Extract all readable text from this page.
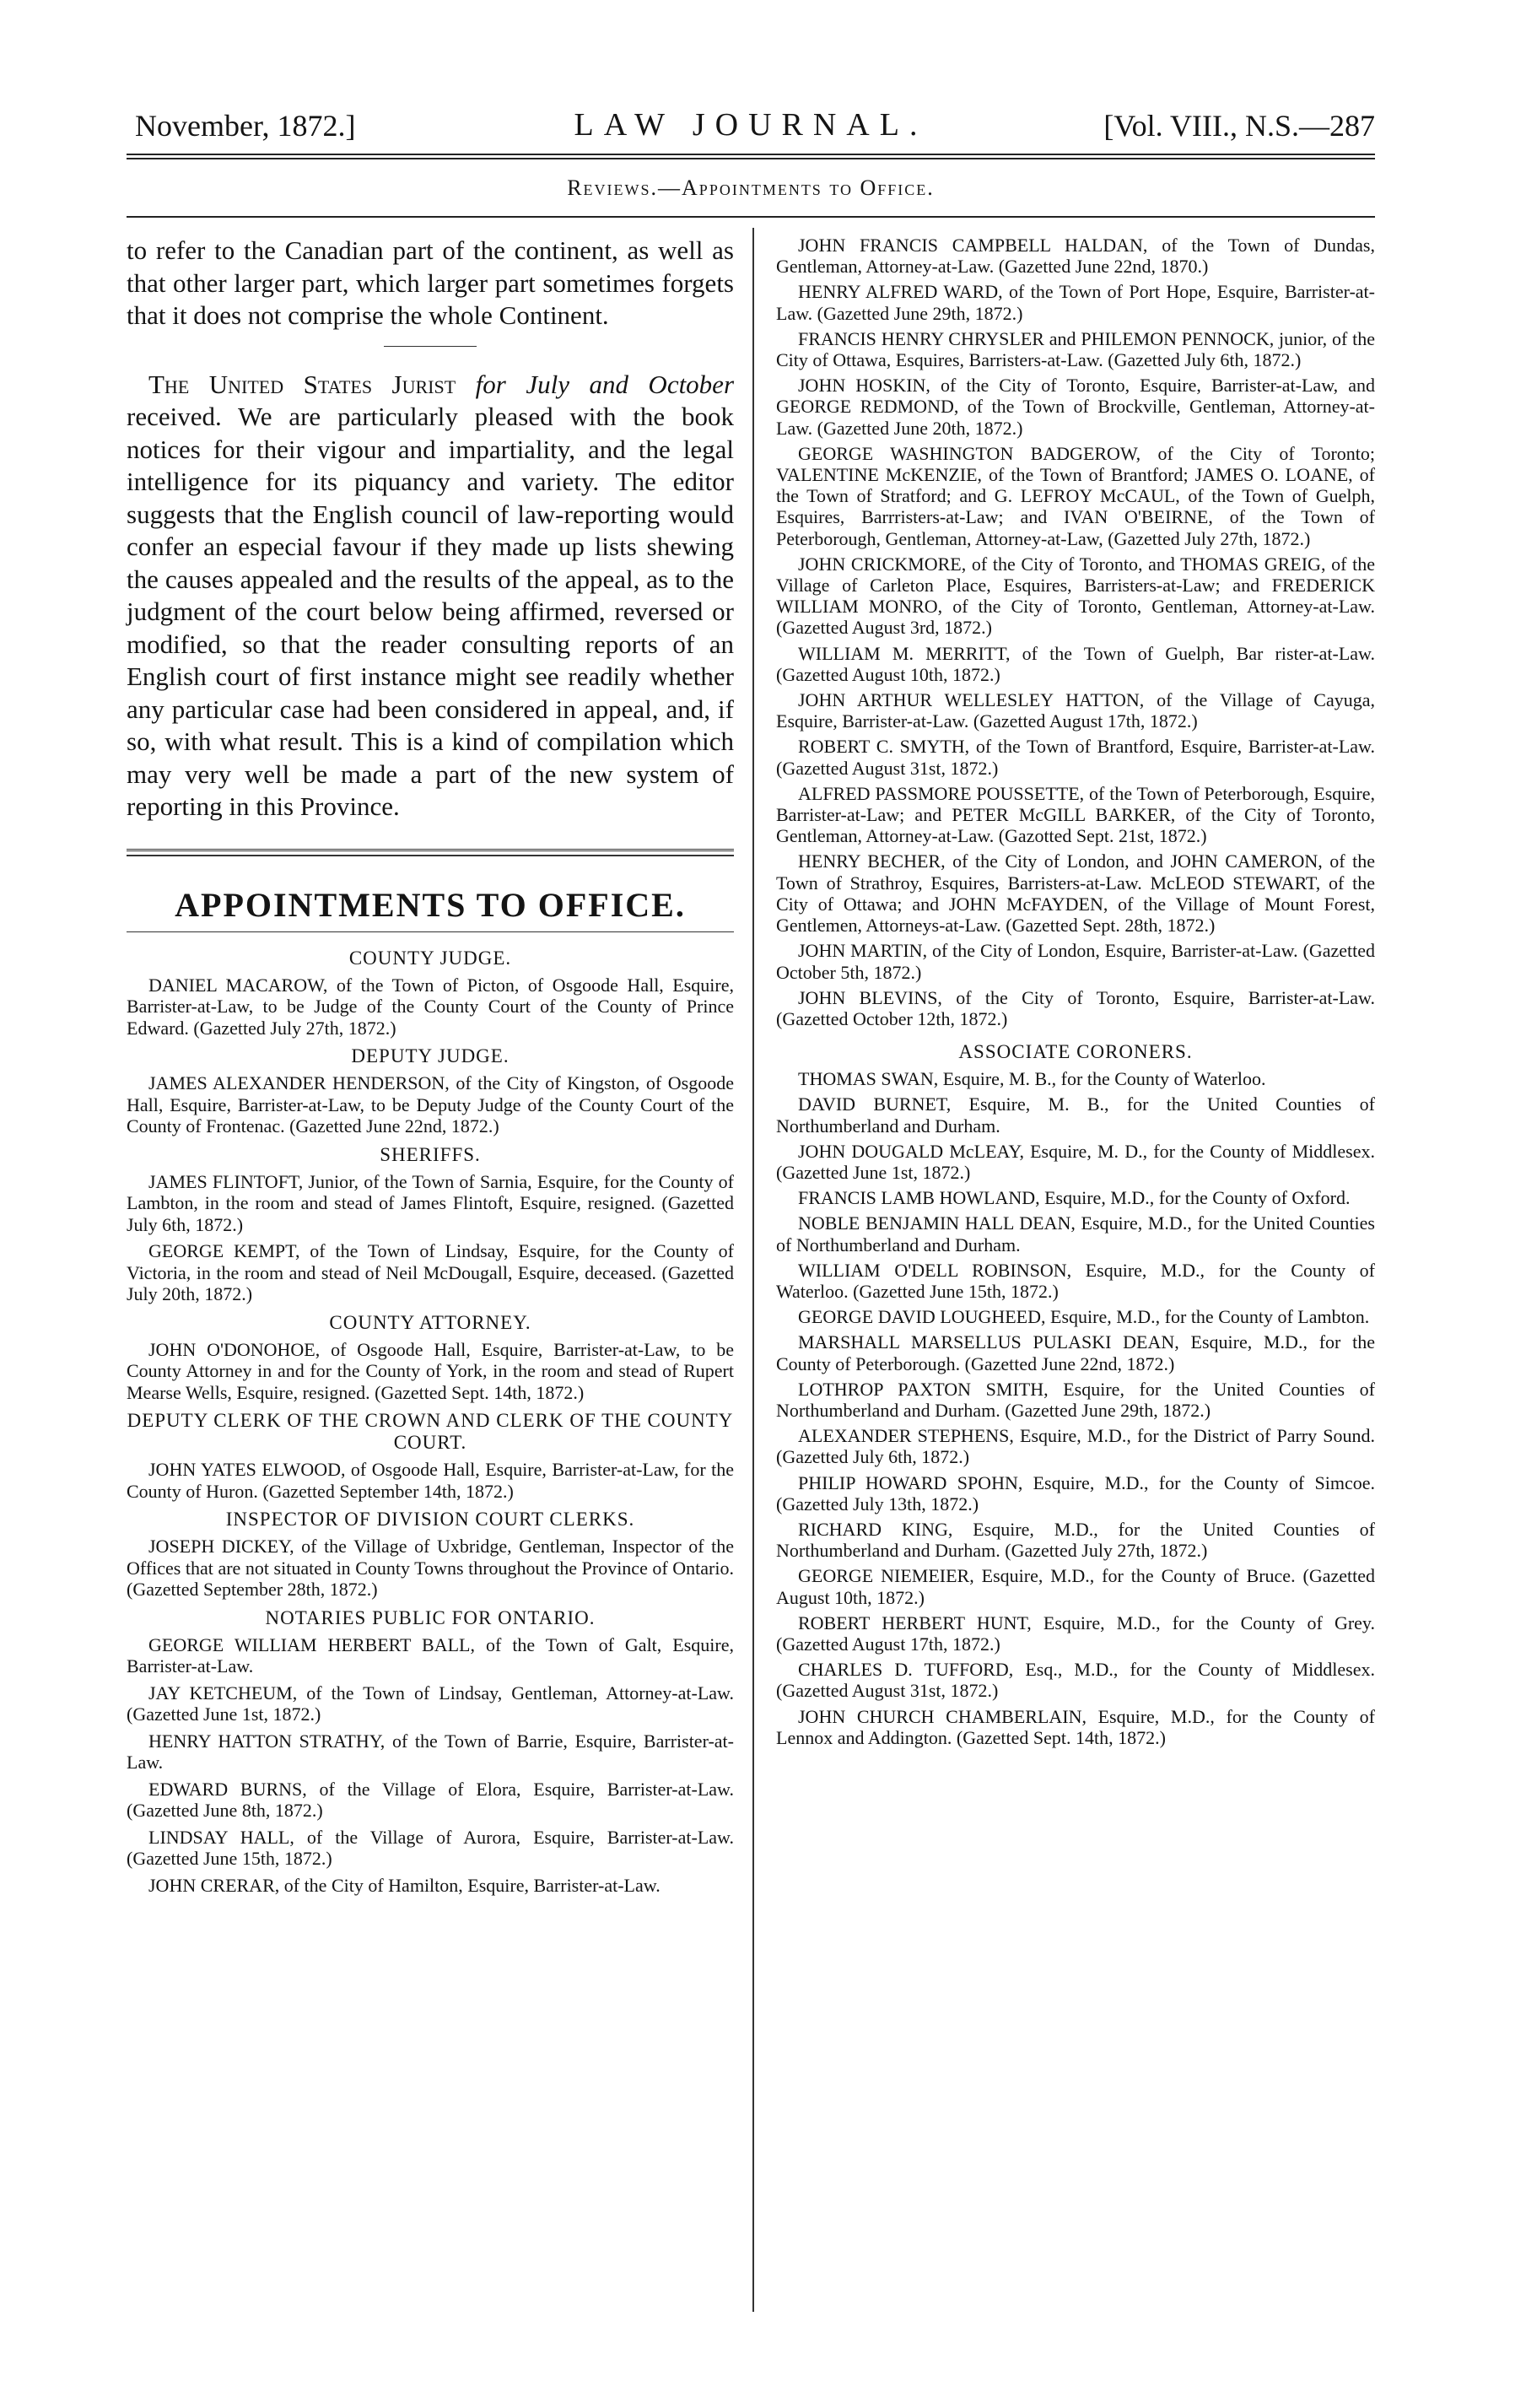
November, 1872.]	LAW JOURNAL.	[Vol. VIII., N.S.—287
Reviews.—Appointments to Office.

to refer to the Canadian part of the continent, as well as that other larger part, which larger part sometimes forgets that it does not comprise the whole Continent.

The United States Jurist for July and October received. We are particularly pleased with the book notices for their vigour and impartiality, and the legal intelligence for its piquancy and variety. The editor suggests that the English council of law-reporting would confer an especial favour if they made up lists shewing the causes appealed and the results of the appeal, as to the judgment of the court below being affirmed, reversed or modified, so that the reader consulting reports of an English court of first instance might see readily whether any particular case had been considered in appeal, and, if so, with what result. This is a kind of compilation which may very well be made a part of the new system of reporting in this Province.

APPOINTMENTS TO OFFICE.
COUNTY JUDGE.

DANIEL MACAROW, of the Town of Picton, of Osgoode Hall, Esquire, Barrister-at-Law, to be Judge of the County Court of the County of Prince Edward. (Gazetted July 27th, 1872.)

DEPUTY JUDGE.

JAMES ALEXANDER HENDERSON, of the City of Kingston, of Osgoode Hall, Esquire, Barrister-at-Law, to be Deputy Judge of the County Court of the County of Frontenac. (Gazetted June 22nd, 1872.)

SHERIFFS.

JAMES FLINTOFT, Junior, of the Town of Sarnia, Esquire, for the County of Lambton, in the room and stead of James Flintoft, Esquire, resigned. (Gazetted July 6th, 1872.)

GEORGE KEMPT, of the Town of Lindsay, Esquire, for the County of Victoria, in the room and stead of Neil McDougall, Esquire, deceased. (Gazetted July 20th, 1872.)

COUNTY ATTORNEY.

JOHN O'DONOHOE, of Osgoode Hall, Esquire, Barrister-at-Law, to be County Attorney in and for the County of York, in the room and stead of Rupert Mearse Wells, Esquire, resigned. (Gazetted Sept. 14th, 1872.)

DEPUTY CLERK OF THE CROWN AND CLERK OF THE COUNTY COURT.

JOHN YATES ELWOOD, of Osgoode Hall, Esquire, Barrister-at-Law, for the County of Huron. (Gazetted September 14th, 1872.)

INSPECTOR OF DIVISION COURT CLERKS.

JOSEPH DICKEY, of the Village of Uxbridge, Gentleman, Inspector of the Offices that are not situated in County Towns throughout the Province of Ontario. (Gazetted September 28th, 1872.)

NOTARIES PUBLIC FOR ONTARIO.

GEORGE WILLIAM HERBERT BALL, of the Town of Galt, Esquire, Barrister-at-Law.

JAY KETCHEUM, of the Town of Lindsay, Gentleman, Attorney-at-Law. (Gazetted June 1st, 1872.)

HENRY HATTON STRATHY, of the Town of Barrie, Esquire, Barrister-at-Law.

EDWARD BURNS, of the Village of Elora, Esquire, Barrister-at-Law. (Gazetted June 8th, 1872.)

LINDSAY HALL, of the Village of Aurora, Esquire, Barrister-at-Law. (Gazetted June 15th, 1872.)

JOHN CRERAR, of the City of Hamilton, Esquire, Barrister-at-Law.

JOHN FRANCIS CAMPBELL HALDAN, of the Town of Dundas, Gentleman, Attorney-at-Law. (Gazetted June 22nd, 1870.)

HENRY ALFRED WARD, of the Town of Port Hope, Esquire, Barrister-at-Law. (Gazetted June 29th, 1872.)

FRANCIS HENRY CHRYSLER and PHILEMON PENNOCK, junior, of the City of Ottawa, Esquires, Barristers-at-Law. (Gazetted July 6th, 1872.)

JOHN HOSKIN, of the City of Toronto, Esquire, Barrister-at-Law, and GEORGE REDMOND, of the Town of Brockville, Gentleman, Attorney-at-Law. (Gazetted June 20th, 1872.)

GEORGE WASHINGTON BADGEROW, of the City of Toronto; VALENTINE McKENZIE, of the Town of Brantford; JAMES O. LOANE, of the Town of Stratford; and G. LEFROY McCAUL, of the Town of Guelph, Esquires, Barrristers-at-Law; and IVAN O'BEIRNE, of the Town of Peterborough, Gentleman, Attorney-at-Law, (Gazetted July 27th, 1872.)

JOHN CRICKMORE, of the City of Toronto, and THOMAS GREIG, of the Village of Carleton Place, Esquires, Barristers-at-Law; and FREDERICK WILLIAM MONRO, of the City of Toronto, Gentleman, Attorney-at-Law. (Gazetted August 3rd, 1872.)

WILLIAM M. MERRITT, of the Town of Guelph, Bar rister-at-Law. (Gazetted August 10th, 1872.)

JOHN ARTHUR WELLESLEY HATTON, of the Village of Cayuga, Esquire, Barrister-at-Law. (Gazetted August 17th, 1872.)

ROBERT C. SMYTH, of the Town of Brantford, Esquire, Barrister-at-Law. (Gazetted August 31st, 1872.)

ALFRED PASSMORE POUSSETTE, of the Town of Peterborough, Esquire, Barrister-at-Law; and PETER McGILL BARKER, of the City of Toronto, Gentleman, Attorney-at-Law. (Gazotted Sept. 21st, 1872.)

HENRY BECHER, of the City of London, and JOHN CAMERON, of the Town of Strathroy, Esquires, Barristers-at-Law. McLEOD STEWART, of the City of Ottawa; and JOHN McFAYDEN, of the Village of Mount Forest, Gentlemen, Attorneys-at-Law. (Gazetted Sept. 28th, 1872.)

JOHN MARTIN, of the City of London, Esquire, Barrister-at-Law. (Gazetted October 5th, 1872.)

JOHN BLEVINS, of the City of Toronto, Esquire, Barrister-at-Law. (Gazetted October 12th, 1872.)

ASSOCIATE CORONERS.

THOMAS SWAN, Esquire, M. B., for the County of Waterloo.

DAVID BURNET, Esquire, M. B., for the United Counties of Northumberland and Durham.

JOHN DOUGALD McLEAY, Esquire, M. D., for the County of Middlesex. (Gazetted June 1st, 1872.)

FRANCIS LAMB HOWLAND, Esquire, M.D., for the County of Oxford.

NOBLE BENJAMIN HALL DEAN, Esquire, M.D., for the United Counties of Northumberland and Durham.

WILLIAM O'DELL ROBINSON, Esquire, M.D., for the County of Waterloo. (Gazetted June 15th, 1872.)

GEORGE DAVID LOUGHEED, Esquire, M.D., for the County of Lambton.

MARSHALL MARSELLUS PULASKI DEAN, Esquire, M.D., for the County of Peterborough. (Gazetted June 22nd, 1872.)

LOTHROP PAXTON SMITH, Esquire, for the United Counties of Northumberland and Durham. (Gazetted June 29th, 1872.)

ALEXANDER STEPHENS, Esquire, M.D., for the District of Parry Sound. (Gazetted July 6th, 1872.)

PHILIP HOWARD SPOHN, Esquire, M.D., for the County of Simcoe. (Gazetted July 13th, 1872.)

RICHARD KING, Esquire, M.D., for the United Counties of Northumberland and Durham. (Gazetted July 27th, 1872.)

GEORGE NIEMEIER, Esquire, M.D., for the County of Bruce. (Gazetted August 10th, 1872.)

ROBERT HERBERT HUNT, Esquire, M.D., for the County of Grey. (Gazetted August 17th, 1872.)

CHARLES D. TUFFORD, Esq., M.D., for the County of Middlesex. (Gazetted August 31st, 1872.)

JOHN CHURCH CHAMBERLAIN, Esquire, M.D., for the County of Lennox and Addington. (Gazetted Sept. 14th, 1872.)
